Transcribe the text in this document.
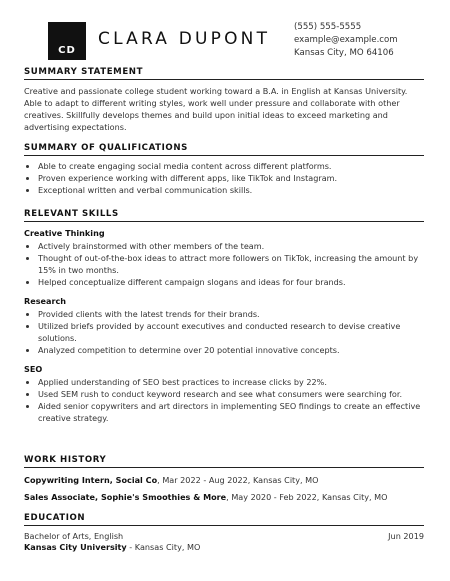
CD
CLARA DUPONT
(555) 555-5555
example@example.com
Kansas City, MO 64106
SUMMARY STATEMENT

Creative and passionate college student working toward a B.A. in English at Kansas University. Able to adapt to different writing styles, work well under pressure and collaborate with other creatives. Skillfully develops themes and build upon initial ideas to exceed marketing and advertising expectations.

SUMMARY OF QUALIFICATIONS
• Able to create engaging social media content across different platforms.
• Proven experience working with different apps, like TikTok and Instagram.
• Exceptional written and verbal communication skills.
RELEVANT SKILLS
Creative Thinking
• Actively brainstormed with other members of the team.
• Thought of out-of-the-box ideas to attract more followers on TikTok, increasing the amount by 15% in two months.
• Helped conceptualize different campaign slogans and ideas for four brands.
Research
• Provided clients with the latest trends for their brands.
• Utilized briefs provided by account executives and conducted research to devise creative solutions.
• Analyzed competition to determine over 20 potential innovative concepts.
SEO
• Applied understanding of SEO best practices to increase clicks by 22%.
• Used SEM rush to conduct keyword research and see what consumers were searching for.
• Aided senior copywriters and art directors in implementing SEO findings to create an effective creative strategy.
WORK HISTORY
Copywriting Intern, Social Co, Mar 2022 - Aug 2022, Kansas City, MO
Sales Associate, Sophie's Smoothies & More, May 2020 - Feb 2022, Kansas City, MO
EDUCATION
Bachelor of Arts, English	Jun 2019
Kansas City University - Kansas City, MO
